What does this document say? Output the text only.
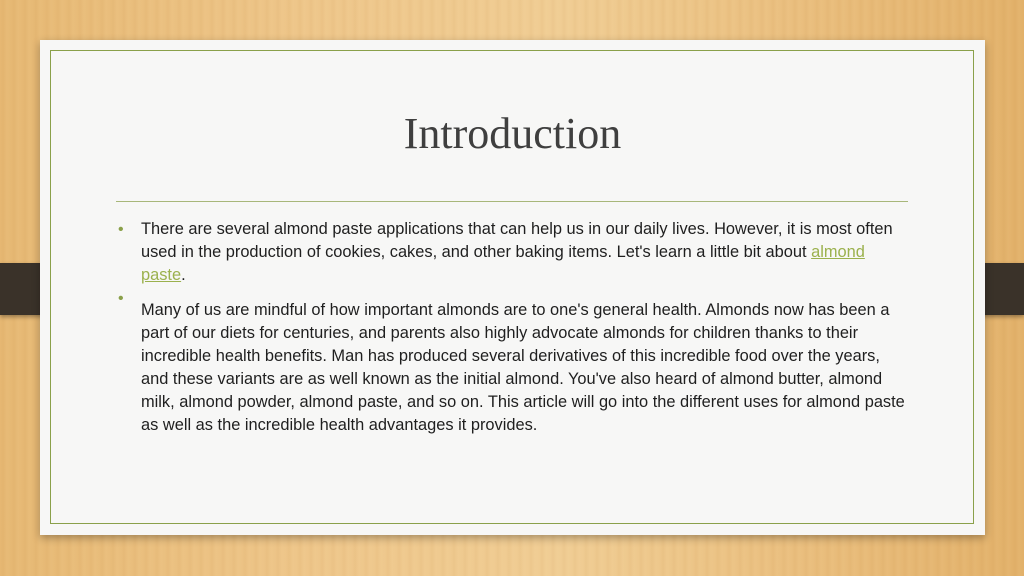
Introduction
• There are several almond paste applications that can help us in our daily lives. However, it is most often used in the production of cookies, cakes, and other baking items. Let's learn a little bit about almond paste.
•

Many of us are mindful of how important almonds are to one's general health. Almonds now has been a part of our diets for centuries, and parents also highly advocate almonds for children thanks to their incredible health benefits. Man has produced several derivatives of this incredible food over the years, and these variants are as well known as the initial almond. You've also heard of almond butter, almond milk, almond powder, almond paste, and so on. This article will go into the different uses for almond paste as well as the incredible health advantages it provides.
